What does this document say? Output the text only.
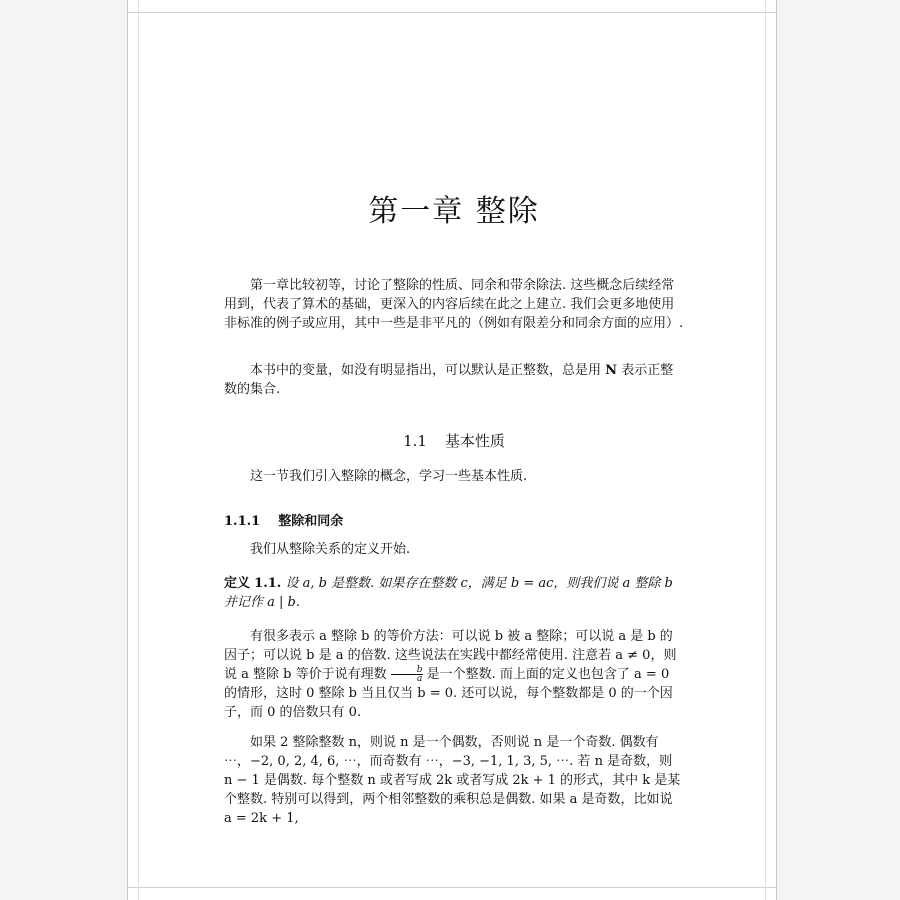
第一章 整除

第一章比较初等，讨论了整除的性质、同余和带余除法. 这些概念后续经常用到，代表了算术的基础，更深入的内容后续在此之上建立. 我们会更多地使用非标准的例子或应用，其中一些是非平凡的（例如有限差分和同余方面的应用）.

本书中的变量，如没有明显指出，可以默认是正整数，总是用 N 表示正整数的集合.

1.1 基本性质

这一节我们引入整除的概念，学习一些基本性质.

1.1.1 整除和同余

我们从整除关系的定义开始.

定义 1.1. 设 a, b 是整数. 如果存在整数 c，满足 b = ac，则我们说 a 整除 b 并记作 a | b.

有很多表示 a 整除 b 的等价方法：可以说 b 被 a 整除；可以说 a 是 b 的因子；可以说 b 是 a 的倍数. 这些说法在实践中都经常使用. 注意若 a ≠ 0，则说 a 整除 b 等价于说有理数 $\frac{b}{a}$ 是一个整数. 而上面的定义也包含了 a = 0 的情形，这时 0 整除 b 当且仅当 b = 0. 还可以说，每个整数都是 0 的一个因子，而 0 的倍数只有 0.

如果 2 整除整数 n，则说 n 是一个偶数，否则说 n 是一个奇数. 偶数有 ⋯，−2, 0, 2, 4, 6, ⋯，而奇数有 ⋯，−3, −1, 1, 3, 5, ⋯. 若 n 是奇数，则 n − 1 是偶数. 每个整数 n 或者写成 2k 或者写成 2k + 1 的形式，其中 k 是某个整数. 特别可以得到，两个相邻整数的乘积总是偶数. 如果 a 是奇数，比如说 a = 2k + 1,
